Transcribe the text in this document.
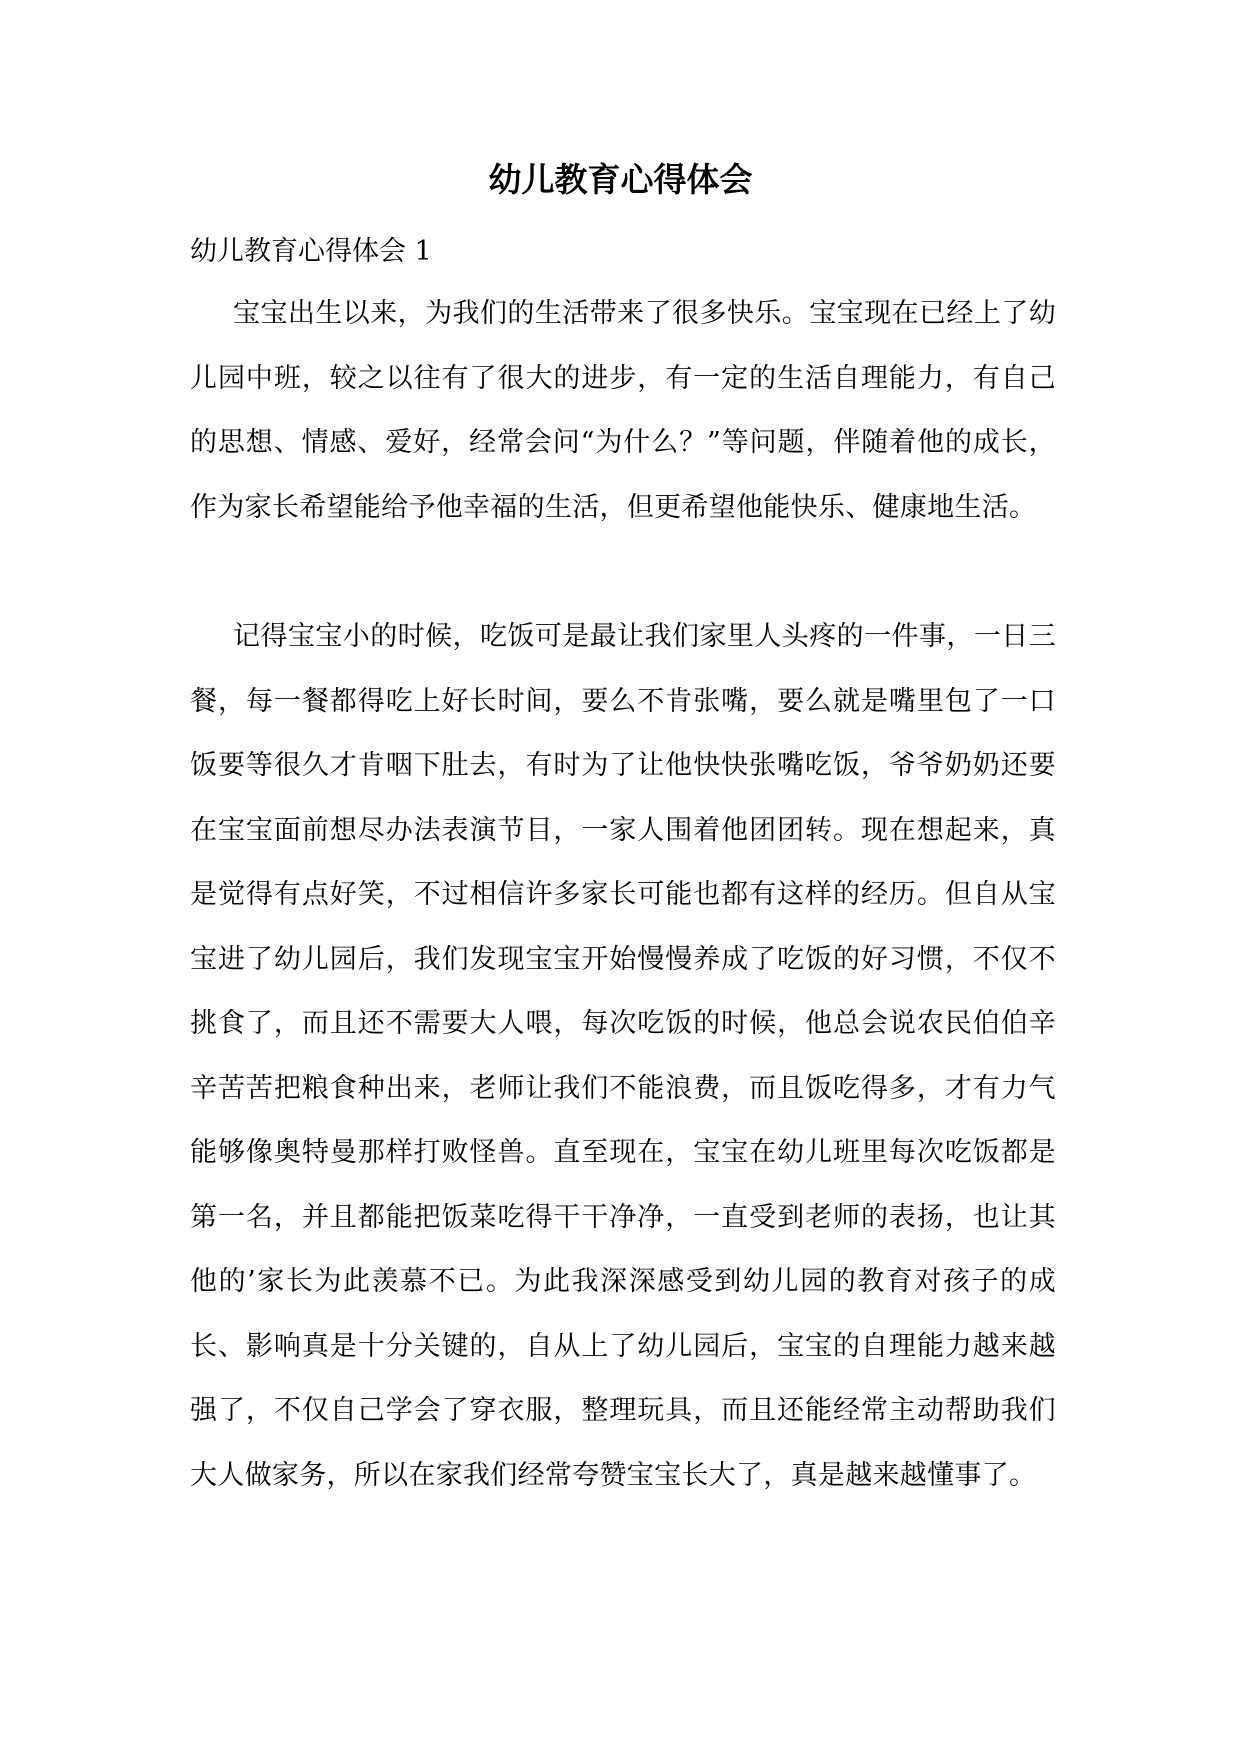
幼儿教育心得体会

幼儿教育心得体会 1

宝宝出生以来，为我们的生活带来了很多快乐。宝宝现在已经上了幼儿园中班，较之以往有了很大的进步，有一定的生活自理能力，有自己的思想、情感、爱好，经常会问“为什么？”等问题，伴随着他的成长，作为家长希望能给予他幸福的生活，但更希望他能快乐、健康地生活。

记得宝宝小的时候，吃饭可是最让我们家里人头疼的一件事，一日三餐，每一餐都得吃上好长时间，要么不肯张嘴，要么就是嘴里包了一口饭要等很久才肯咽下肚去，有时为了让他快快张嘴吃饭，爷爷奶奶还要在宝宝面前想尽办法表演节目，一家人围着他团团转。现在想起来，真是觉得有点好笑，不过相信许多家长可能也都有这样的经历。但自从宝宝进了幼儿园后，我们发现宝宝开始慢慢养成了吃饭的好习惯，不仅不挑食了，而且还不需要大人喂，每次吃饭的时候，他总会说农民伯伯辛辛苦苦把粮食种出来，老师让我们不能浪费，而且饭吃得多，才有力气能够像奥特曼那样打败怪兽。直至现在，宝宝在幼儿班里每次吃饭都是第一名，并且都能把饭菜吃得干干净净，一直受到老师的表扬，也让其他的’家长为此羡慕不已。为此我深深感受到幼儿园的教育对孩子的成长、影响真是十分关键的，自从上了幼儿园后，宝宝的自理能力越来越强了，不仅自己学会了穿衣服，整理玩具，而且还能经常主动帮助我们大人做家务，所以在家我们经常夸赞宝宝长大了，真是越来越懂事了。
